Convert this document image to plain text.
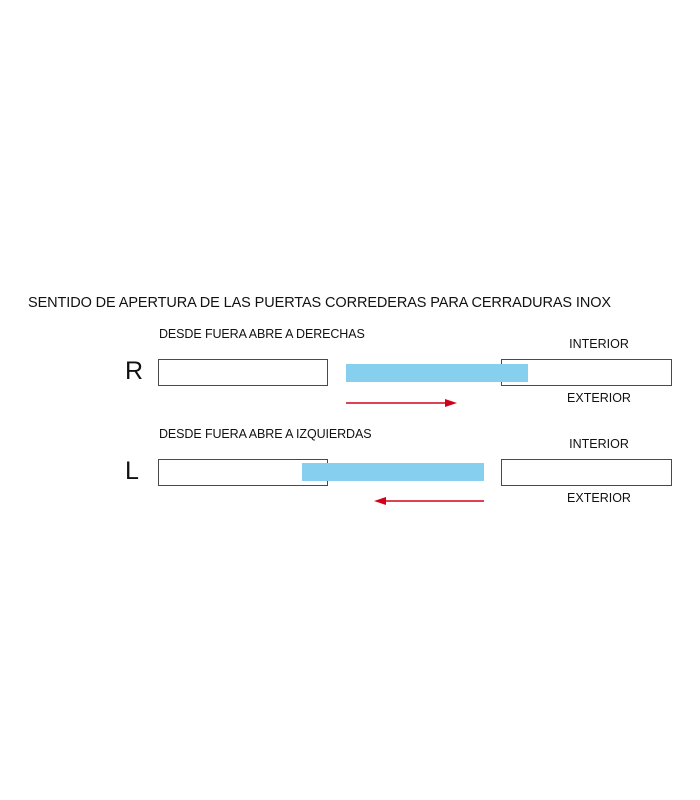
SENTIDO DE APERTURA DE LAS PUERTAS CORREDERAS PARA CERRADURAS INOX
DESDE FUERA ABRE A DERECHAS
INTERIOR
R
EXTERIOR
DESDE FUERA ABRE A IZQUIERDAS
INTERIOR
L
EXTERIOR
